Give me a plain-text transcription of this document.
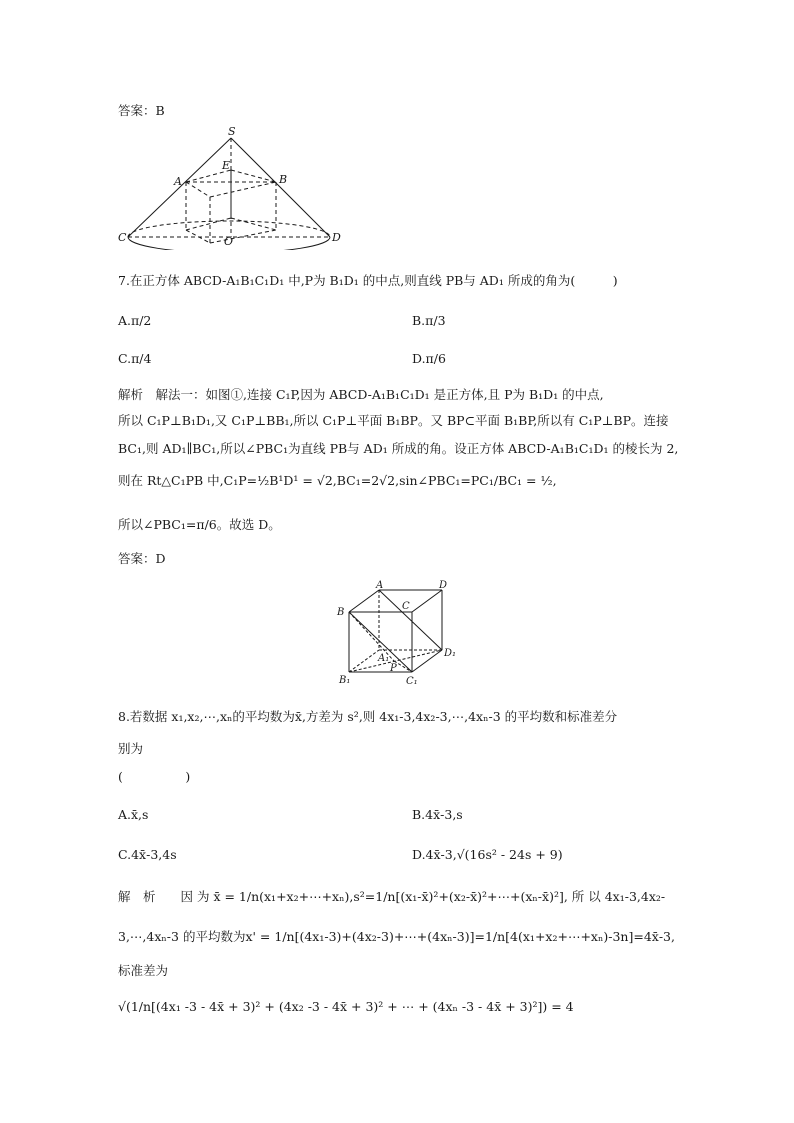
答案：B
S
A
E
B
C	O	D
7.在正方体 ABCD-A₁B₁C₁D₁ 中,P为 B₁D₁ 的中点,则直线 PB与 AD₁ 所成的角为(　　　)
A.π/2	B.π/3
C.π/4	D.π/6
解析　解法一：如图①,连接 C₁P,因为 ABCD-A₁B₁C₁D₁ 是正方体,且 P为 B₁D₁ 的中点,
所以 C₁P⊥B₁D₁,又 C₁P⊥BB₁,所以 C₁P⊥平面 B₁BP。又 BP⊂平面 B₁BP,所以有 C₁P⊥BP。连接
BC₁,则 AD₁∥BC₁,所以∠PBC₁为直线 PB与 AD₁ 所成的角。设正方体 ABCD-A₁B₁C₁D₁ 的棱长为 2,
则在 Rt△C₁PB 中,C₁P=½B¹D¹ = √2,BC₁=2√2,sin∠PBC₁=PC₁/BC₁ = ½,
所以∠PBC₁=π/6。故选 D。
答案：D
A	D
B
C
D₁
A₁
P
B₁	C₁
8.若数据 x₁,x₂,⋯,xₙ的平均数为x̄,方差为 s²,则 4x₁-3,4x₂-3,⋯,4xₙ-3 的平均数和标准差分
别为
(　　　　　)
A.x̄,s	B.4x̄-3,s
C.4x̄-3,4s	D.4x̄-3,√(16s² - 24s + 9)
解　析　　因 为 x̄ = 1/n(x₁+x₂+⋯+xₙ),s²=1/n[(x₁-x̄)²+(x₂-x̄)²+⋯+(xₙ-x̄)²], 所 以 4x₁-3,4x₂-
3,⋯,4xₙ-3 的平均数为x' = 1/n[(4x₁-3)+(4x₂-3)+⋯+(4xₙ-3)]=1/n[4(x₁+x₂+⋯+xₙ)-3n]=4x̄-3,
标准差为
√(1/n[(4x₁ -3 - 4x̄ + 3)² + (4x₂ -3 - 4x̄ + 3)² + ⋯ + (4xₙ -3 - 4x̄ + 3)²]) = 4
